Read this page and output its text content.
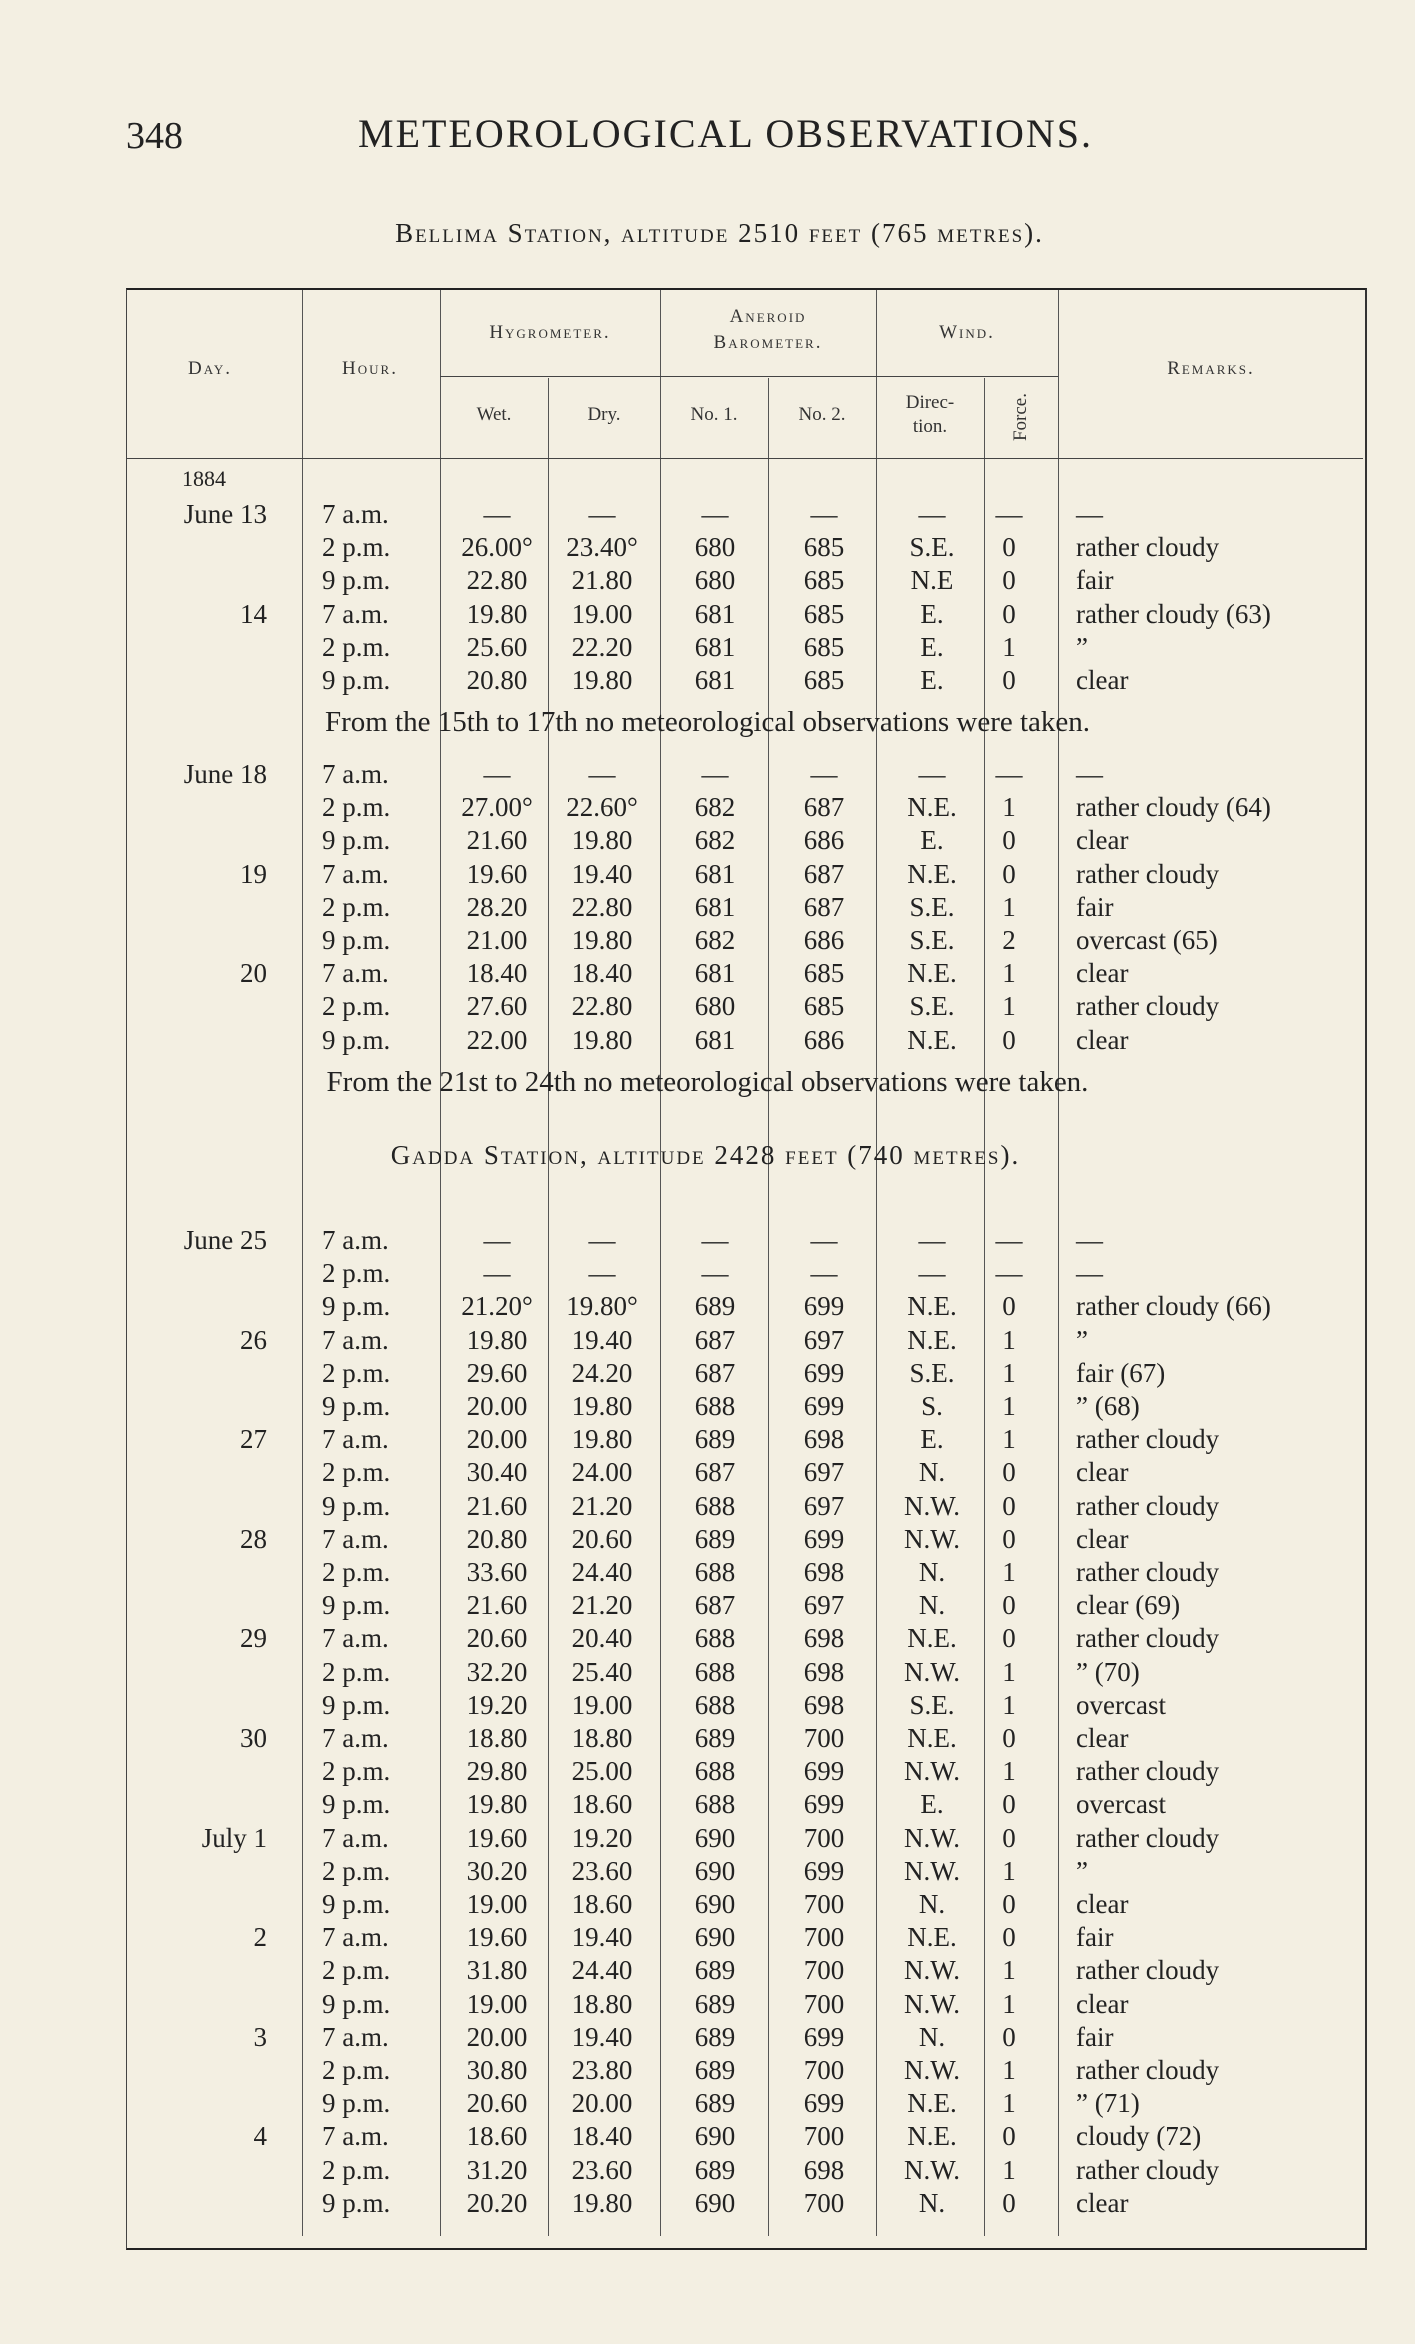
348	METEOROLOGICAL OBSERVATIONS.
Bellima Station, altitude 2510 feet (765 metres).
Day.	Hour.
Hygrometer.
Wet.	Dry.
Aneroid
Barometer.
No. 1.	No. 2.
Wind.
Direc-
tion.	Force.
Remarks.
1884
June 13 7 a.m.	—	—	—	—	—	— —
2 p.m.	26.00°	23.40°	680	685	S.E.	0	rather cloudy
9 p.m.	22.80	21.80	680	685	N.E	0	fair
14 7 a.m.	19.80	19.00	681	685	E.	0	rather cloudy (63)
2 p.m.	25.60	22.20	681	685	E.	1	”
9 p.m.	20.80	19.80	681	685	E.	0	clear
From the 15th to 17th no meteorological observations were taken.
June 18 7 a.m.	—	—	—	—	—	— —
2 p.m.	27.00°	22.60°	682	687	N.E.	1	rather cloudy (64)
9 p.m.	21.60	19.80	682	686	E.	0	clear
19 7 a.m.	19.60	19.40	681	687	N.E.	0	rather cloudy
2 p.m.	28.20	22.80	681	687	S.E.	1	fair
9 p.m.	21.00	19.80	682	686	S.E.	2	overcast (65)
20 7 a.m.	18.40	18.40	681	685	N.E.	1	clear
2 p.m.	27.60	22.80	680	685	S.E.	1	rather cloudy
9 p.m.	22.00	19.80	681	686	N.E.	0	clear
From the 21st to 24th no meteorological observations were taken.
Gadda Station, altitude 2428 feet (740 metres).
June 25 7 a.m.	—	—	—	—	—	— —
2 p.m.	—	—	—	—	—	— —
9 p.m.	21.20°	19.80°	689	699	N.E.	0	rather cloudy (66)
26 7 a.m.	19.80	19.40	687	697	N.E.	1	”
2 p.m.	29.60	24.20	687	699	S.E.	1	fair (67)
9 p.m.	20.00	19.80	688	699	S.	1	” (68)
27 7 a.m.	20.00	19.80	689	698	E.	1	rather cloudy
2 p.m.	30.40	24.00	687	697	N.	0	clear
9 p.m.	21.60	21.20	688	697	N.W.	0	rather cloudy
28 7 a.m.	20.80	20.60	689	699	N.W.	0	clear
2 p.m.	33.60	24.40	688	698	N.	1	rather cloudy
9 p.m.	21.60	21.20	687	697	N.	0	clear (69)
29 7 a.m.	20.60	20.40	688	698	N.E.	0	rather cloudy
2 p.m.	32.20	25.40	688	698	N.W.	1	” (70)
9 p.m.	19.20	19.00	688	698	S.E.	1	overcast
30 7 a.m.	18.80	18.80	689	700	N.E.	0	clear
2 p.m.	29.80	25.00	688	699	N.W.	1	rather cloudy
9 p.m.	19.80	18.60	688	699	E.	0	overcast
July 1 7 a.m.	19.60	19.20	690	700	N.W.	0	rather cloudy
2 p.m.	30.20	23.60	690	699	N.W.	1	”
9 p.m.	19.00	18.60	690	700	N.	0	clear
2 7 a.m.	19.60	19.40	690	700	N.E.	0	fair
2 p.m.	31.80	24.40	689	700	N.W.	1	rather cloudy
9 p.m.	19.00	18.80	689	700	N.W.	1	clear
3 7 a.m.	20.00	19.40	689	699	N.	0	fair
2 p.m.	30.80	23.80	689	700	N.W.	1	rather cloudy
9 p.m.	20.60	20.00	689	699	N.E.	1	” (71)
4 7 a.m.	18.60	18.40	690	700	N.E.	0	cloudy (72)
2 p.m.	31.20	23.60	689	698	N.W.	1	rather cloudy
9 p.m.	20.20	19.80	690	700	N.	0	clear
